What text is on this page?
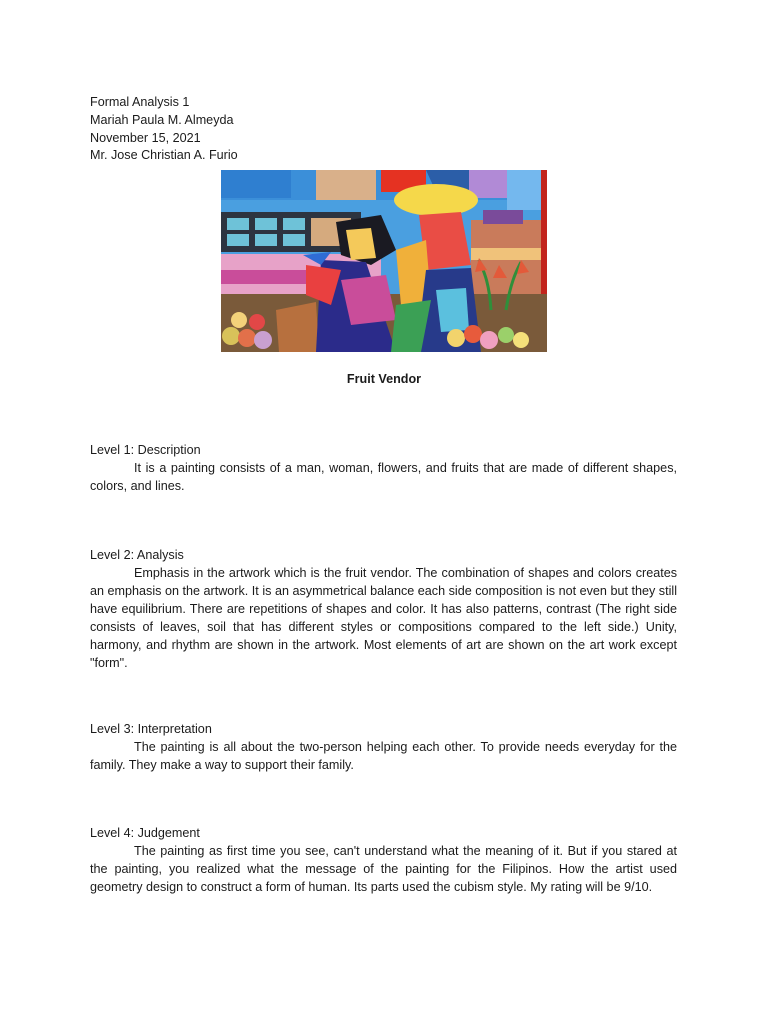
Formal Analysis 1
Mariah Paula M. Almeyda
November 15, 2021
Mr. Jose Christian A. Furio
Fruit Vendor
Level 1: Description
It is a painting consists of a man, woman, flowers, and fruits that are made of different shapes, colors, and lines.
Level 2: Analysis
Emphasis in the artwork which is the fruit vendor. The combination of shapes and colors creates an emphasis on the artwork. It is an asymmetrical balance each side composition is not even but they still have equilibrium. There are repetitions of shapes and color. It has also patterns, contrast (The right side consists of leaves, soil that has different styles or compositions compared to the left side.) Unity, harmony, and rhythm are shown in the artwork. Most elements of art are shown on the art work except "form".
Level 3: Interpretation
The painting is all about the two-person helping each other. To provide needs everyday for the family. They make a way to support their family.
Level 4: Judgement
The painting as first time you see, can't understand what the meaning of it. But if you stared at the painting, you realized what the message of the painting for the Filipinos. How the artist used geometry design to construct a form of human. Its parts used the cubism style. My rating will be 9/10.
